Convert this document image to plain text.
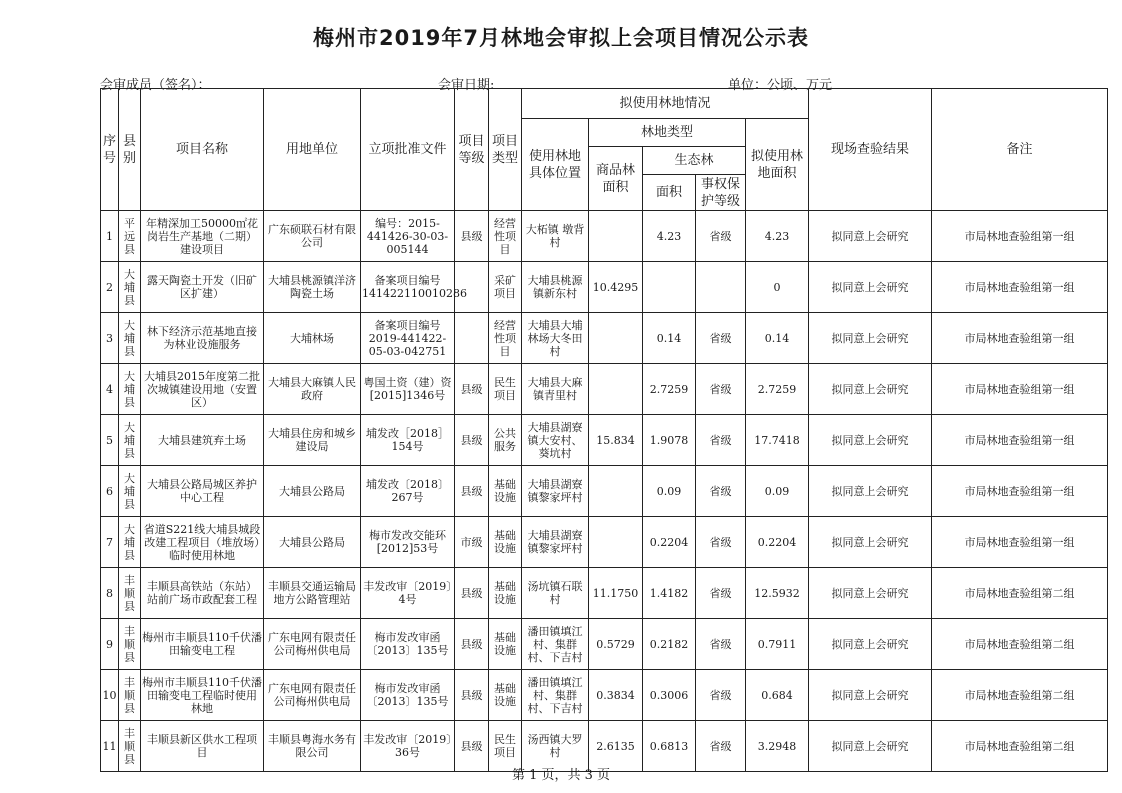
梅州市2019年7月林地会审拟上会项目情况公示表
会审成员（签名）：	会审日期:	单位：公顷、万元
序号	县别	项目名称	用地单位	立项批准文件	项目等级	项目类型	拟使用林地情况					现场查验结果	备注
							使用林地具体位置	林地类型			拟使用林地面积		
								商品林面积	生态林				
									面积	事权保护等级			
1	平远县	年精深加工50000㎡花岗岩生产基地（二期）建设项目	广东硕联石材有限公司	编号：2015-441426-30-03-005144	县级	经营性项目	大柘镇 墩背村		4.23	省级	4.23	拟同意上会研究	市局林地查验组第一组
2	大埔县	露天陶瓷土开发（旧矿区扩建）	大埔县桃源镇洋济陶瓷土场	备案项目编号141422110010286		采矿项目	大埔县桃源镇新东村	10.4295			0	拟同意上会研究	市局林地查验组第一组
3	大埔县	林下经济示范基地直接为林业设施服务	大埔林场	备案项目编号2019-441422-05-03-042751		经营性项目	大埔县大埔林场大冬田村		0.14	省级	0.14	拟同意上会研究	市局林地查验组第一组
4	大埔县	大埔县2015年度第二批次城镇建设用地（安置区）	大埔县大麻镇人民政府	粤国土资（建）资[2015]1346号	县级	民生项目	大埔县大麻镇青里村		2.7259	省级	2.7259	拟同意上会研究	市局林地查验组第一组
5	大埔县	大埔县建筑弃土场	大埔县住房和城乡建设局	埔发改［2018］154号	县级	公共服务	大埔县湖寮镇大安村、葵坑村	15.834	1.9078	省级	17.7418	拟同意上会研究	市局林地查验组第一组
6	大埔县	大埔县公路局城区养护中心工程	大埔县公路局	埔发改〔2018〕267号	县级	基础设施	大埔县湖寮镇黎家坪村		0.09	省级	0.09	拟同意上会研究	市局林地查验组第一组
7	大埔县	省道S221线大埔县城段改建工程项目（堆放场）临时使用林地	大埔县公路局	梅市发改交能环[2012]53号	市级	基础设施	大埔县湖寮镇黎家坪村		0.2204	省级	0.2204	拟同意上会研究	市局林地查验组第一组
8	丰顺县	丰顺县高铁站（东站）站前广场市政配套工程	丰顺县交通运输局地方公路管理站	丰发改审〔2019〕4号	县级	基础设施	汤坑镇石联村	11.1750	1.4182	省级	12.5932	拟同意上会研究	市局林地查验组第二组
9	丰顺县	梅州市丰顺县110千伏潘田输变电工程	广东电网有限责任公司梅州供电局	梅市发改审函〔2013〕135号	县级	基础设施	潘田镇填江村、集群村、下吉村	0.5729	0.2182	省级	0.7911	拟同意上会研究	市局林地查验组第二组
10	丰顺县	梅州市丰顺县110千伏潘田输变电工程临时使用林地	广东电网有限责任公司梅州供电局	梅市发改审函〔2013〕135号	县级	基础设施	潘田镇填江村、集群村、下吉村	0.3834	0.3006	省级	0.684	拟同意上会研究	市局林地查验组第二组
11	丰顺县	丰顺县新区供水工程项目	丰顺县粤海水务有限公司	丰发改审〔2019〕36号	县级	民生项目	汤西镇大罗村	2.6135	0.6813	省级	3.2948	拟同意上会研究	市局林地查验组第二组
第 1 页，共 3 页
